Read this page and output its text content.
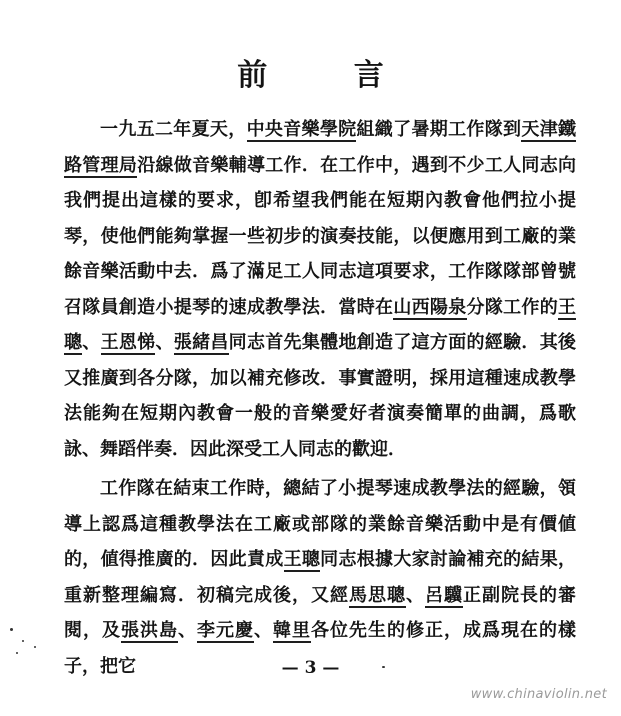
前 言

一九五二年夏天，中央音樂學院組織了暑期工作隊到天津鐵路管理局沿線做音樂輔導工作．在工作中，遇到不少工人同志向我們提出這樣的要求，卽希望我們能在短期內教會他們拉小提琴，使他們能夠掌握一些初步的演奏技能，以便應用到工廠的業餘音樂活動中去．爲了滿足工人同志這項要求，工作隊隊部曾號召隊員創造小提琴的速成教學法．當時在山西陽泉分隊工作的王聰、王恩悌、張緒昌同志首先集體地創造了這方面的經驗．其後又推廣到各分隊，加以補充修改．事實證明，採用這種速成教學法能夠在短期內教會一般的音樂愛好者演奏簡單的曲調，爲歌詠、舞蹈伴奏．因此深受工人同志的歡迎．

工作隊在結束工作時，總結了小提琴速成教學法的經驗，領導上認爲這種教學法在工廠或部隊的業餘音樂活動中是有價値的，値得推廣的．因此責成王聰同志根據大家討論補充的結果，重新整理編寫．初稿完成後，又經馬思聰、呂驥正副院長的審閱，及張洪島、李元慶、韓里各位先生的修正，成爲現在的樣子，把它	— 3 —
www.chinaviolin.net
